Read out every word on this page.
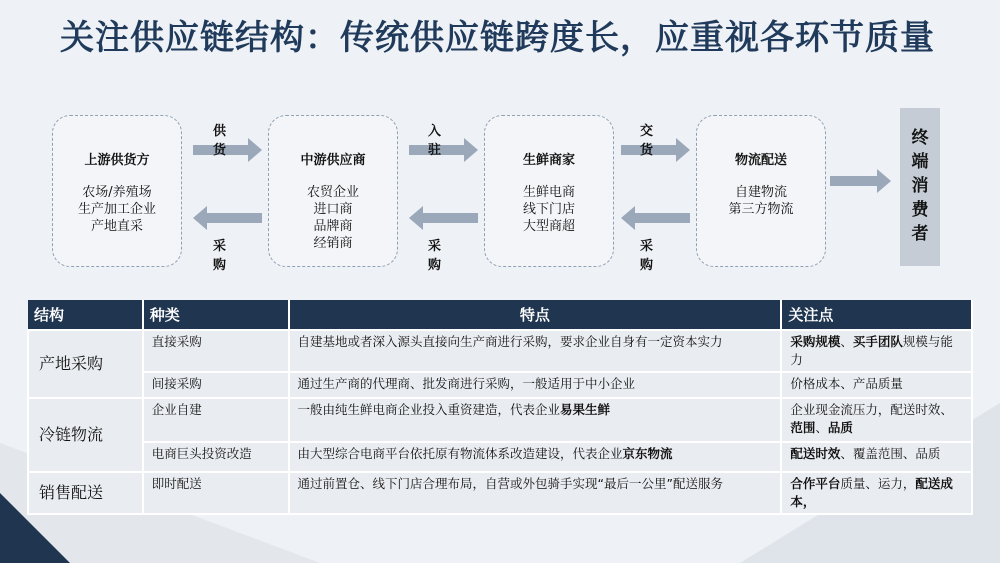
关注供应链结构：传统供应链跨度长，应重视各环节质量
上游供货方
农场/养殖场
生产加工企业
产地直采
中游供应商
农贸企业
进口商
品牌商
经销商
生鲜商家
生鲜电商
线下门店
大型商超
物流配送
自建物流
第三方物流
供货
入驻
交货
采购
采购
采购
终
端
消
费
者
结构	种类	特点	关注点
产地采购	直接采购	自建基地或者深入源头直接向生产商进行采购，要求企业自身有一定资本实力	采购规模、买手团队规模与能力
	间接采购	通过生产商的代理商、批发商进行采购，一般适用于中小企业	价格成本、产品质量
冷链物流	企业自建	一般由纯生鲜电商企业投入重资建造，代表企业易果生鲜	企业现金流压力，配送时效、范围、品质
	电商巨头投资改造	由大型综合电商平台依托原有物流体系改造建设，代表企业京东物流	配送时效、覆盖范围、品质
销售配送	即时配送	通过前置仓、线下门店合理布局，自营或外包骑手实现“最后一公里”配送服务	合作平台质量、运力，配送成本，
